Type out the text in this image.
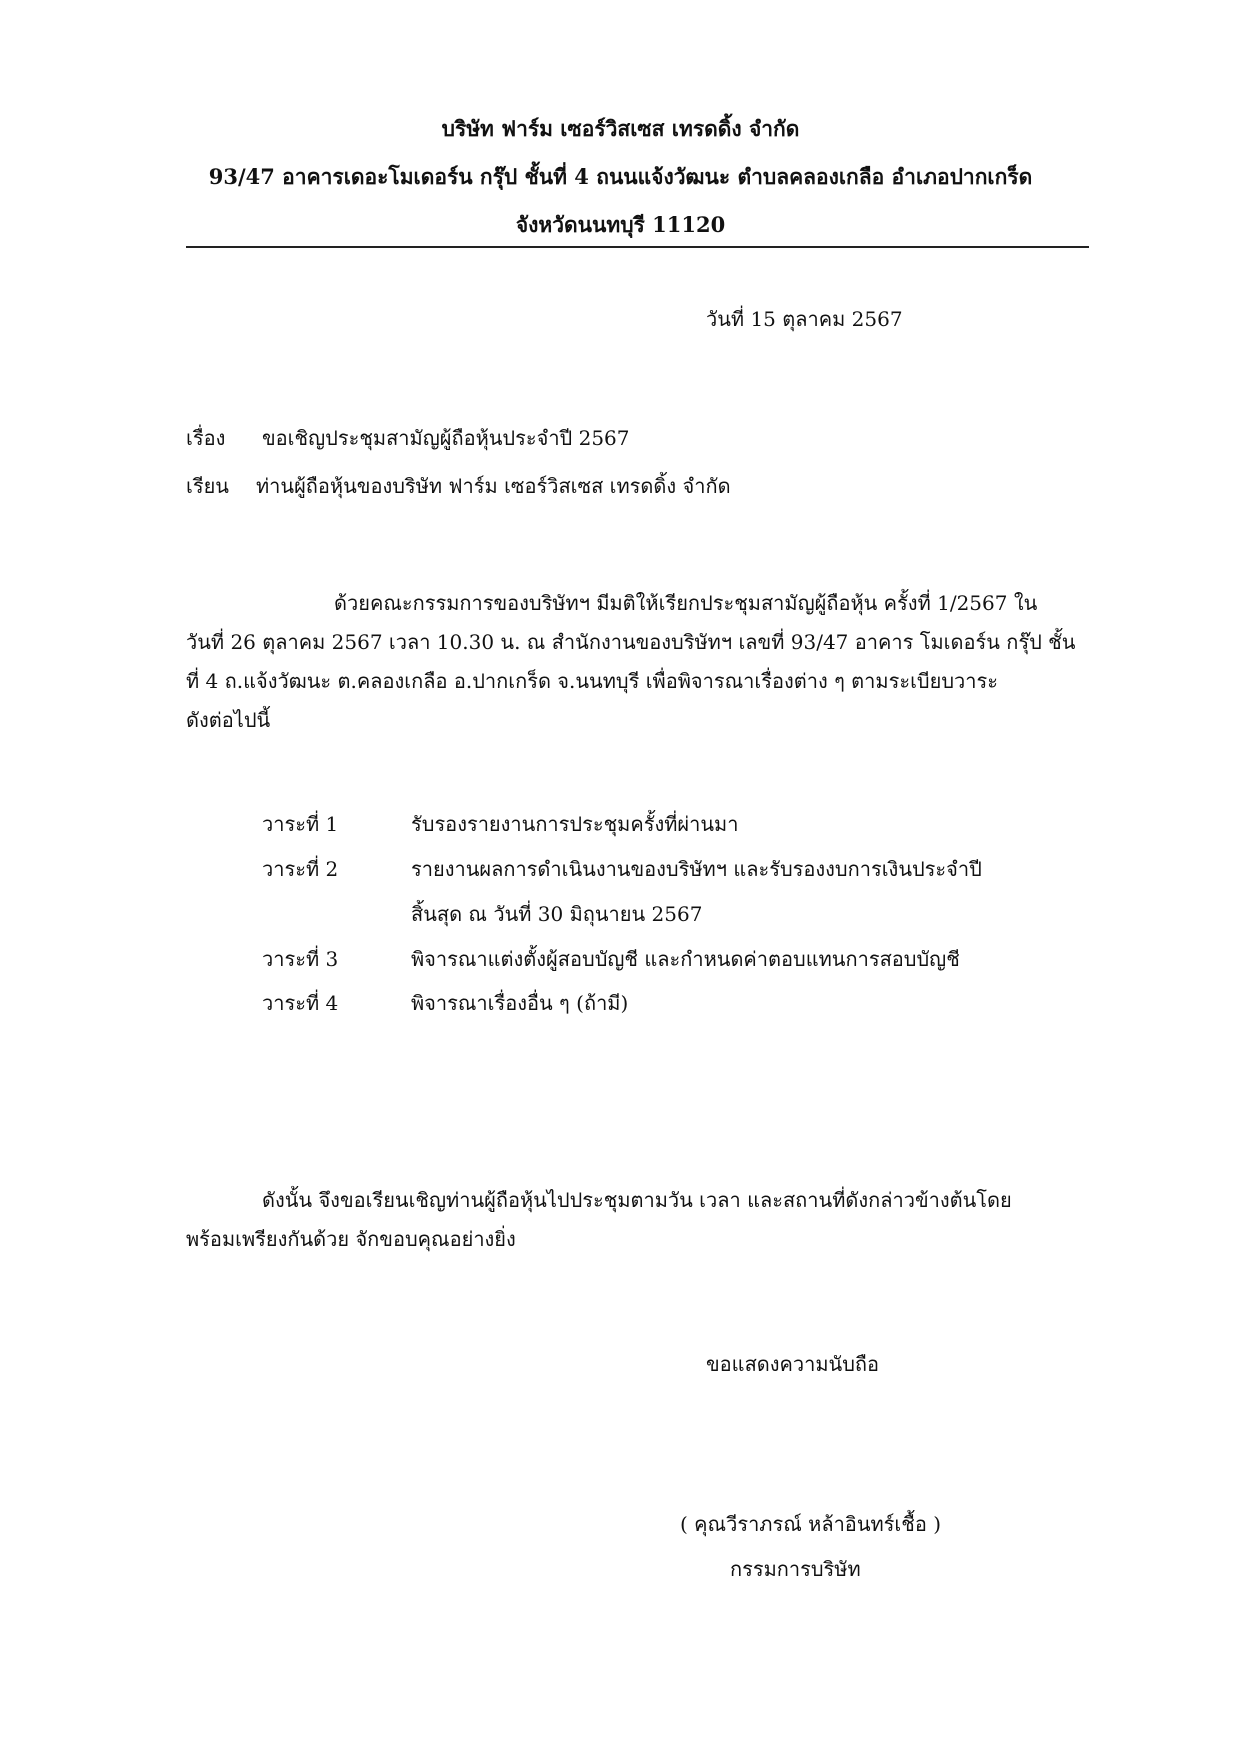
บริษัท ฟาร์ม เซอร์วิสเซส เทรดดิ้ง จำกัด
93/47 อาคารเดอะโมเดอร์น กรุ๊ป ชั้นที่ 4 ถนนแจ้งวัฒนะ ตำบลคลองเกลือ อำเภอปากเกร็ด
จังหวัดนนทบุรี 11120
วันที่ 15 ตุลาคม 2567
เรื่อง ขอเชิญประชุมสามัญผู้ถือหุ้นประจำปี 2567
เรียน ท่านผู้ถือหุ้นของบริษัท ฟาร์ม เซอร์วิสเซส เทรดดิ้ง จำกัด
ด้วยคณะกรรมการของบริษัทฯ มีมติให้เรียกประชุมสามัญผู้ถือหุ้น ครั้งที่ 1/2567 ใน
วันที่ 26 ตุลาคม 2567 เวลา 10.30 น. ณ สำนักงานของบริษัทฯ เลขที่ 93/47 อาคาร โมเดอร์น กรุ๊ป ชั้น
ที่ 4 ถ.แจ้งวัฒนะ ต.คลองเกลือ อ.ปากเกร็ด จ.นนทบุรี เพื่อพิจารณาเรื่องต่าง ๆ ตามระเบียบวาระ
ดังต่อไปนี้
วาระที่ 1	รับรองรายงานการประชุมครั้งที่ผ่านมา
วาระที่ 2	รายงานผลการดำเนินงานของบริษัทฯ และรับรองงบการเงินประจำปี
สิ้นสุด ณ วันที่ 30 มิถุนายน 2567
วาระที่ 3	พิจารณาแต่งตั้งผู้สอบบัญชี และกำหนดค่าตอบแทนการสอบบัญชี
วาระที่ 4	พิจารณาเรื่องอื่น ๆ (ถ้ามี)
ดังนั้น จึงขอเรียนเชิญท่านผู้ถือหุ้นไปประชุมตามวัน เวลา และสถานที่ดังกล่าวข้างต้นโดย
พร้อมเพรียงกันด้วย จักขอบคุณอย่างยิ่ง
ขอแสดงความนับถือ
( คุณวีราภรณ์ หล้าอินทร์เชื้อ )
กรรมการบริษัท
